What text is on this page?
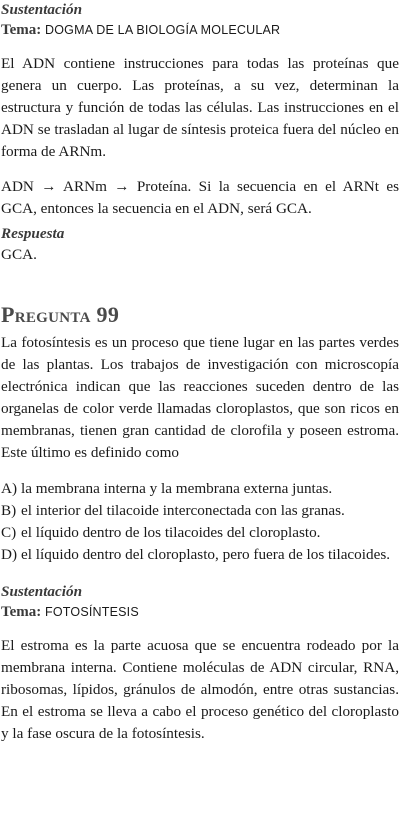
Sustentación
Tema: DOGMA DE LA BIOLOGÍA MOLECULAR

El ADN contiene instrucciones para todas las proteínas que genera un cuerpo. Las proteínas, a su vez, determinan la estructura y función de todas las células. Las instrucciones en el ADN se trasladan al lugar de síntesis proteica fuera del núcleo en forma de ARNm.

ADN → ARNm → Proteína. Si la secuencia en el ARNt es GCA, entonces la secuencia en el ADN, será GCA.

Respuesta

GCA.

Pregunta 99

La fotosíntesis es un proceso que tiene lugar en las partes verdes de las plantas. Los trabajos de investigación con microscopía electrónica indican que las reacciones suceden dentro de las organelas de color verde llamadas cloroplastos, que son ricos en membranas, tienen gran cantidad de clorofila y poseen estroma. Este último es definido como

A) la membrana interna y la membrana externa juntas.
B) el interior del tilacoide interconectada con las granas.
C) el líquido dentro de los tilacoides del cloroplasto.
D) el líquido dentro del cloroplasto, pero fuera de los tilacoides.
Sustentación
Tema: FOTOSÍNTESIS

El estroma es la parte acuosa que se encuentra rodeado por la membrana interna. Contiene moléculas de ADN circular, RNA, ribosomas, lípidos, gránulos de almodón, entre otras sustancias. En el estroma se lleva a cabo el proceso genético del cloroplasto y la fase oscura de la fotosíntesis.
